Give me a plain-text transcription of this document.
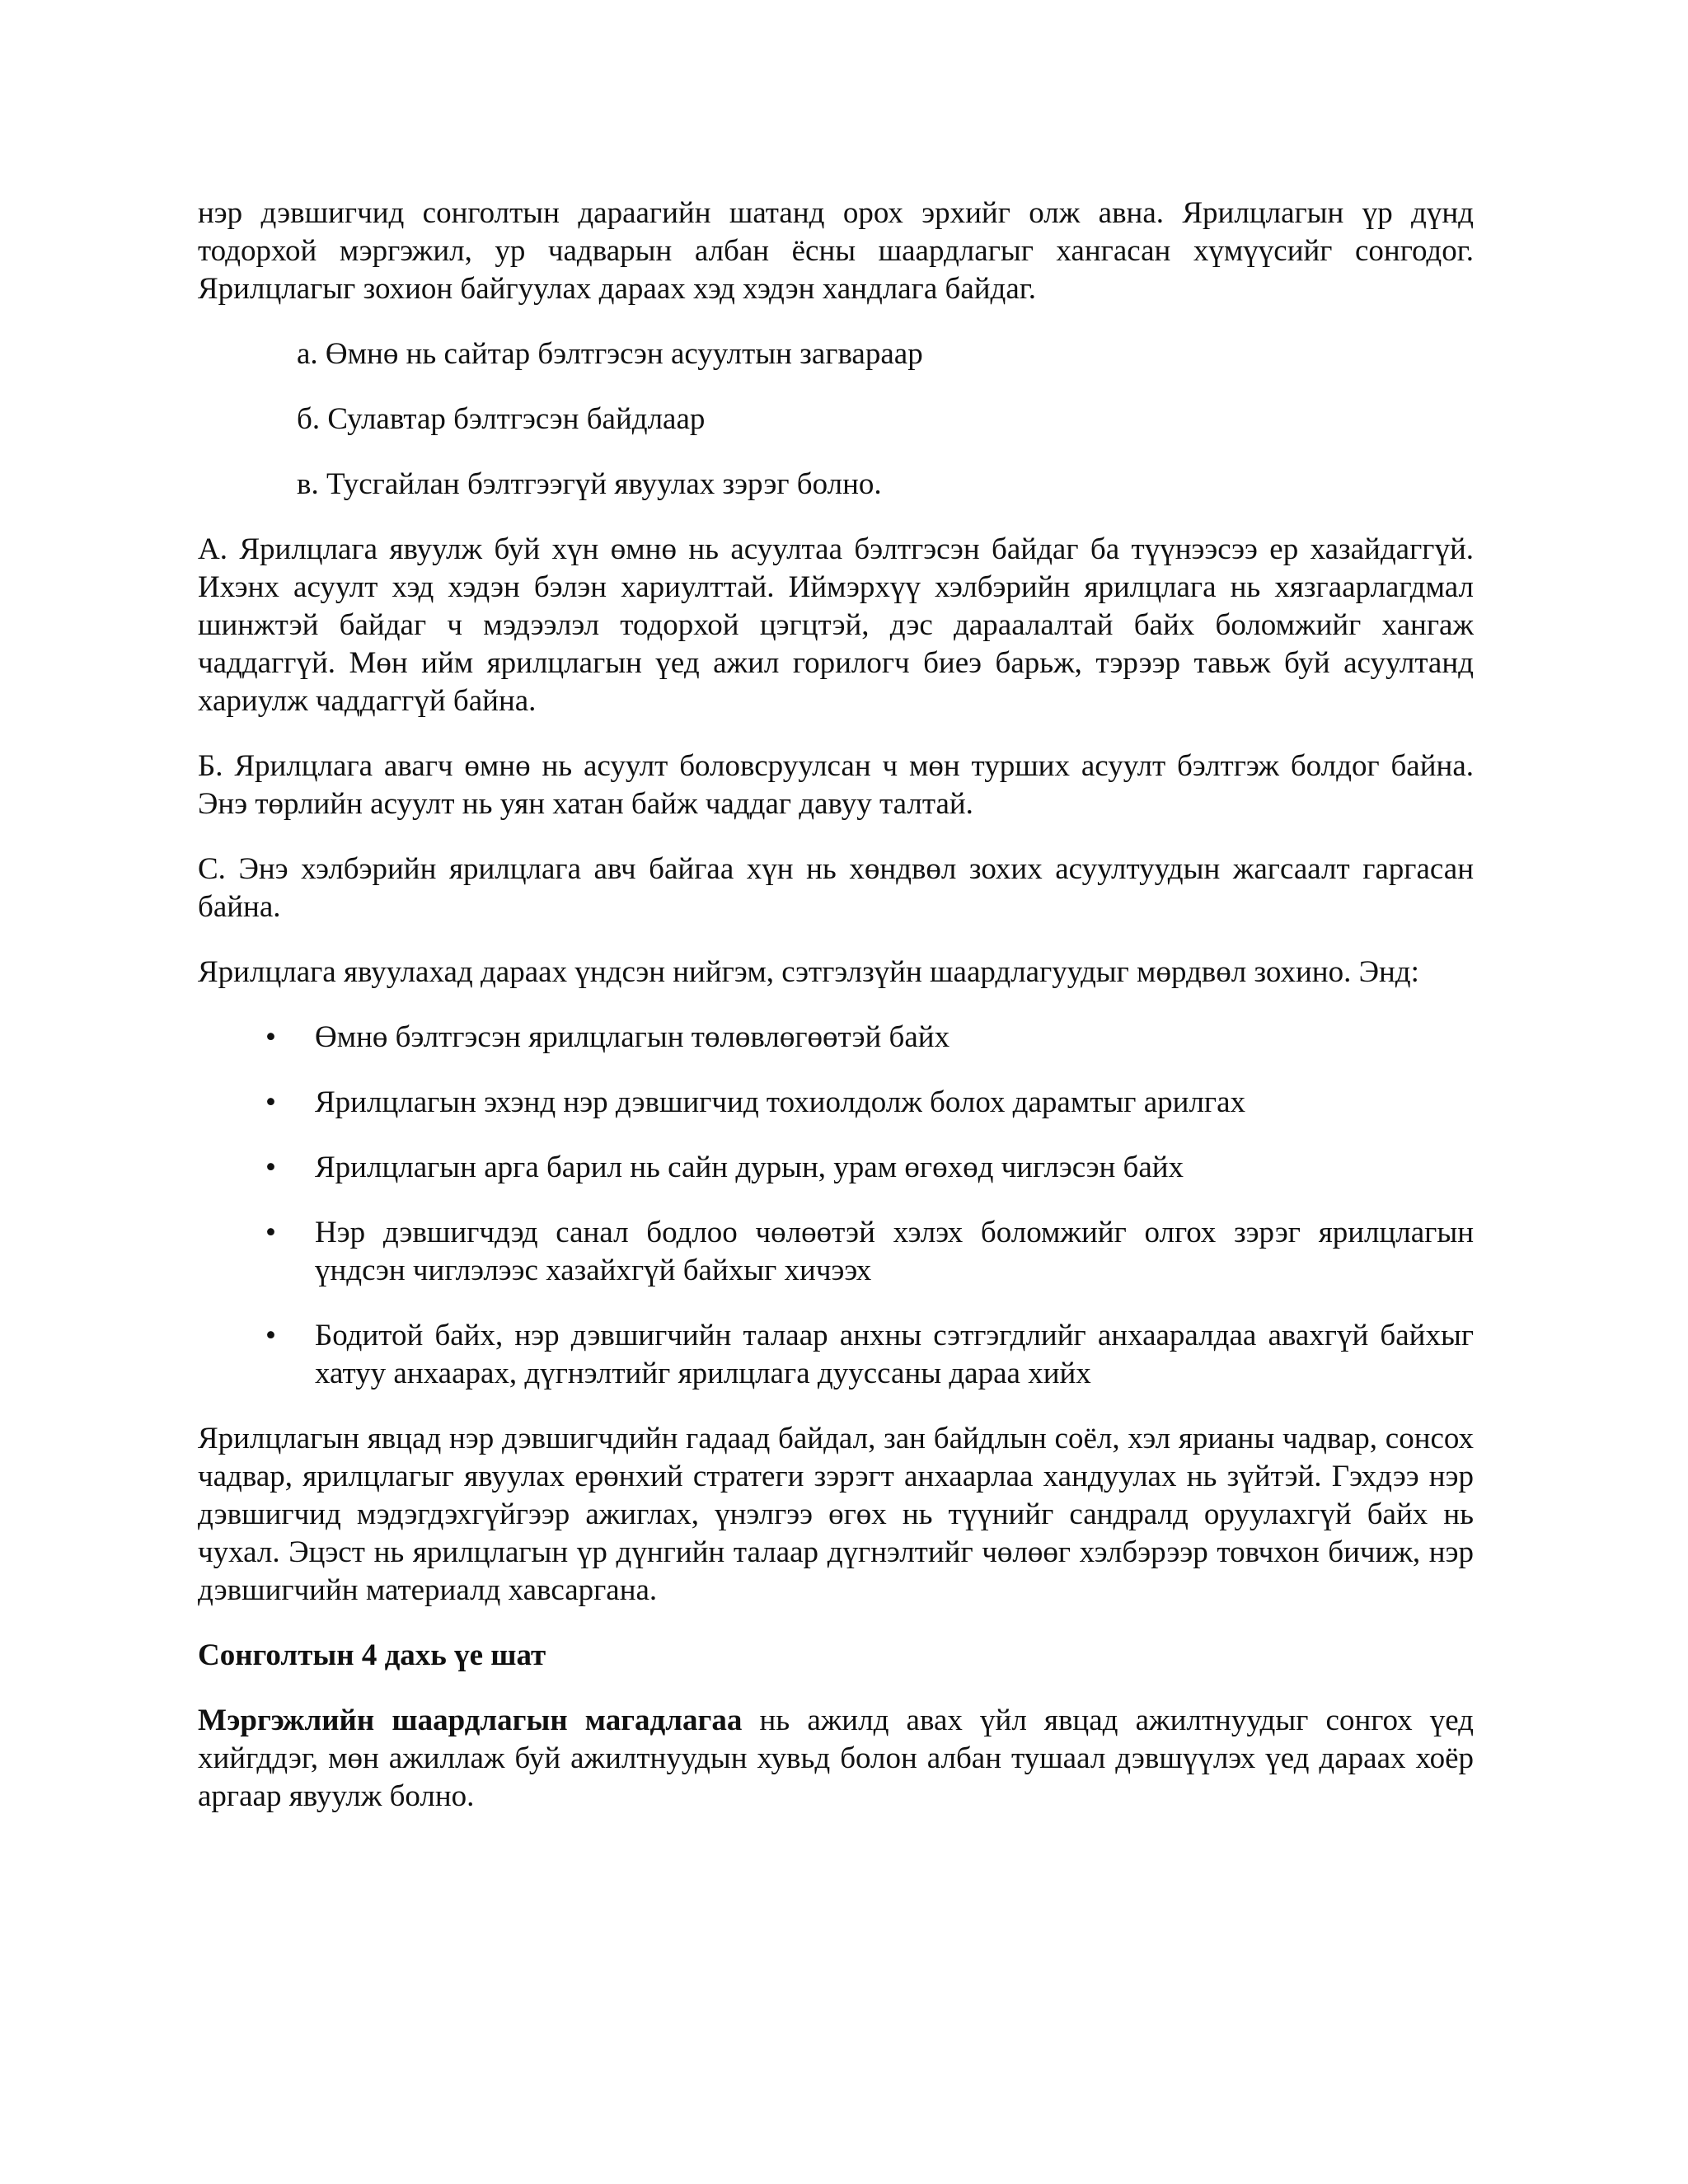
нэр дэвшигчид сонголтын дараагийн шатанд орох эрхийг олж авна. Ярилцлагын үр дүнд тодорхой мэргэжил, ур чадварын албан ёсны шаардлагыг хангасан хүмүүсийг сонгодог. Ярилцлагыг зохион байгуулах дараах хэд хэдэн хандлага байдаг.

а. Өмнө нь сайтар бэлтгэсэн асуултын загвараар
б. Сулавтар бэлтгэсэн байдлаар
в. Тусгайлан бэлтгээгүй явуулах зэрэг болно.

А. Ярилцлага явуулж буй хүн өмнө нь асуултаа бэлтгэсэн байдаг ба түүнээсээ ер хазайдаггүй. Ихэнх асуулт хэд хэдэн бэлэн хариулттай. Иймэрхүү хэлбэрийн ярилцлага нь хязгаарлагдмал шинжтэй байдаг ч мэдээлэл тодорхой цэгцтэй, дэс дараалалтай байх боломжийг хангаж чаддаггүй. Мөн ийм ярилцлагын үед ажил горилогч биеэ барьж, тэрээр тавьж буй асуултанд хариулж чаддаггүй байна.

Б. Ярилцлага авагч өмнө нь асуулт боловсруулсан ч мөн турших асуулт бэлтгэж болдог байна. Энэ төрлийн асуулт нь уян хатан байж чаддаг давуу талтай.

С. Энэ хэлбэрийн ярилцлага авч байгаа хүн нь хөндвөл зохих асуултуудын жагсаалт гаргасан байна.

Ярилцлага явуулахад дараах үндсэн нийгэм, сэтгэлзүйн шаардлагуудыг мөрдвөл зохино. Энд:

• Өмнө бэлтгэсэн ярилцлагын төлөвлөгөөтэй байх
• Ярилцлагын эхэнд нэр дэвшигчид тохиолдолж болох дарамтыг арилгах
• Ярилцлагын арга барил нь сайн дурын, урам өгөхөд чиглэсэн байх
• Нэр дэвшигчдэд санал бодлоо чөлөөтэй хэлэх боломжийг олгох зэрэг ярилцлагын үндсэн чиглэлээс хазайхгүй байхыг хичээх
• Бодитой байх, нэр дэвшигчийн талаар анхны сэтгэгдлийг анхааралдаа авахгүй байхыг хатуу анхаарах, дүгнэлтийг ярилцлага дууссаны дараа хийх

Ярилцлагын явцад нэр дэвшигчдийн гадаад байдал, зан байдлын соёл, хэл ярианы чадвар, сонсох чадвар, ярилцлагыг явуулах ерөнхий стратеги зэрэгт анхаарлаа хандуулах нь зүйтэй. Гэхдээ нэр дэвшигчид мэдэгдэхгүйгээр ажиглах, үнэлгээ өгөх нь түүнийг сандралд оруулахгүй байх нь чухал. Эцэст нь ярилцлагын үр дүнгийн талаар дүгнэлтийг чөлөөг хэлбэрээр товчхон бичиж, нэр дэвшигчийн материалд хавсаргана.

Сонголтын 4 дахь үе шат

Мэргэжлийн шаардлагын магадлагаа нь ажилд авах үйл явцад ажилтнуудыг сонгох үед хийгддэг, мөн ажиллаж буй ажилтнуудын хувьд болон албан тушаал дэвшүүлэх үед дараах хоёр аргаар явуулж болно.
